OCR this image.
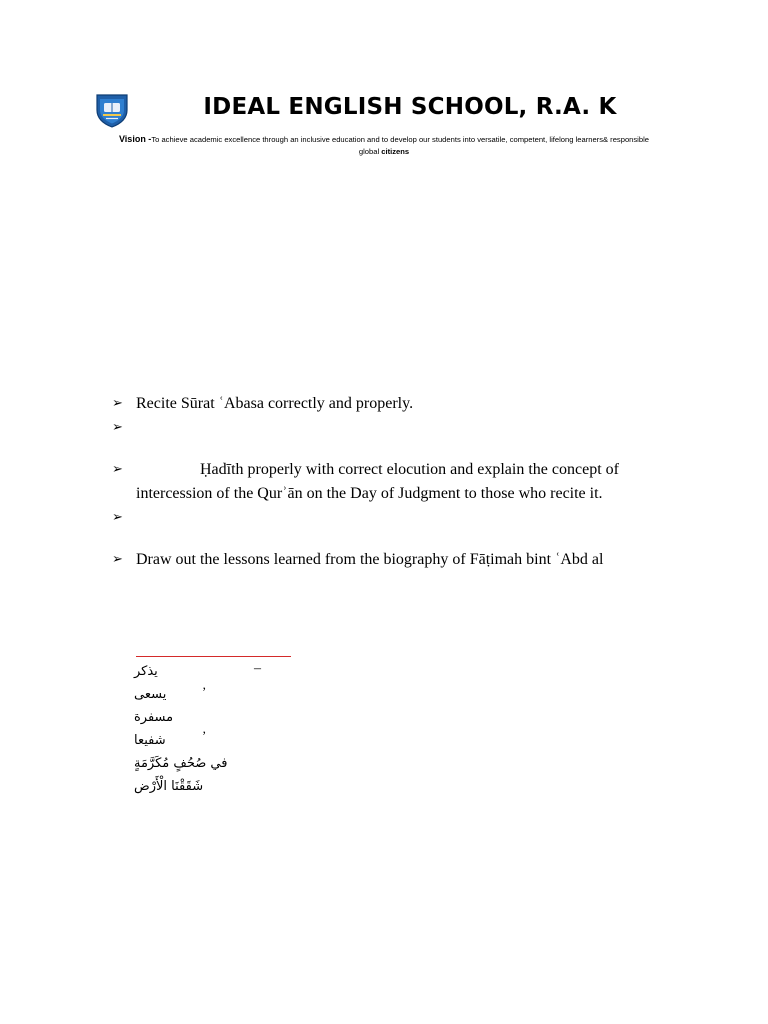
IDEAL ENGLISH SCHOOL, R.A. K
Vision -To achieve academic excellence through an inclusive education and to develop our students into versatile, competent, lifelong learners& responsible
global citizens
➢ Recite Sūrat ʿAbasa correctly and properly.
➢
➢	Ḥadīth properly with correct elocution and explain the concept of
intercession of the Qurʾān on the Day of Judgment to those who recite it.
➢
➢ Draw out the lessons learned from the biography of Fāṭimah bint ʿAbd al
يذكر
يسعى
مسفرة
شفيعا
في صُحُفٍ مُكَرَّمَةٍ
شَقَقْنَا الْأَرْض
–
’
’
